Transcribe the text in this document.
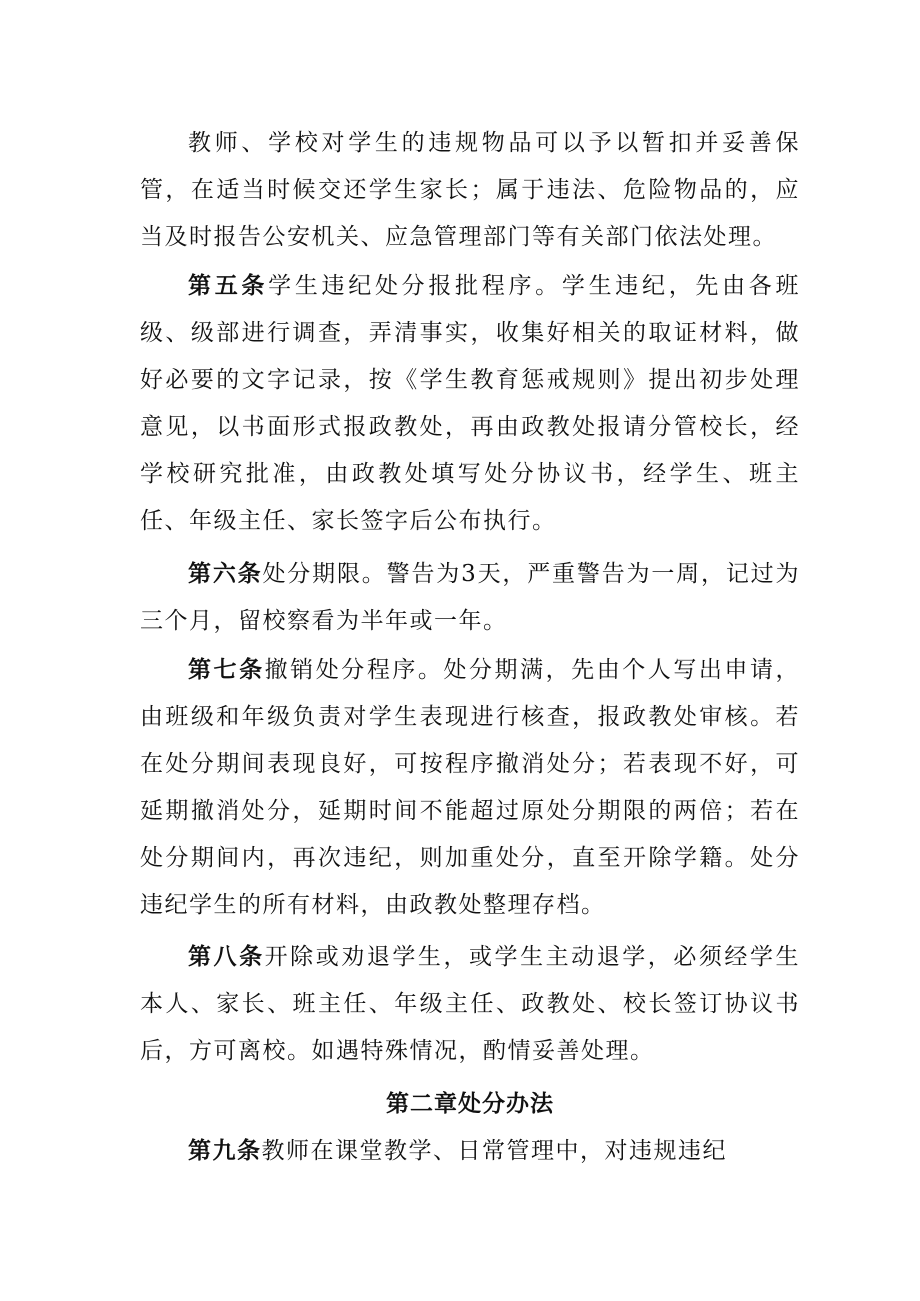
教师、学校对学生的违规物品可以予以暂扣并妥善保管，在适当时候交还学生家长；属于违法、危险物品的，应当及时报告公安机关、应急管理部门等有关部门依法处理。

第五条学生违纪处分报批程序。学生违纪，先由各班级、级部进行调查，弄清事实，收集好相关的取证材料，做好必要的文字记录，按《学生教育惩戒规则》提出初步处理意见，以书面形式报政教处，再由政教处报请分管校长，经学校研究批准，由政教处填写处分协议书，经学生、班主任、年级主任、家长签字后公布执行。

第六条处分期限。警告为3天，严重警告为一周，记过为三个月，留校察看为半年或一年。

第七条撤销处分程序。处分期满，先由个人写出申请，由班级和年级负责对学生表现进行核查，报政教处审核。若在处分期间表现良好，可按程序撤消处分；若表现不好，可延期撤消处分，延期时间不能超过原处分期限的两倍；若在处分期间内，再次违纪，则加重处分，直至开除学籍。处分违纪学生的所有材料，由政教处整理存档。

第八条开除或劝退学生，或学生主动退学，必须经学生本人、家长、班主任、年级主任、政教处、校长签订协议书后，方可离校。如遇特殊情况，酌情妥善处理。

第二章处分办法

第九条教师在课堂教学、日常管理中，对违规违纪
